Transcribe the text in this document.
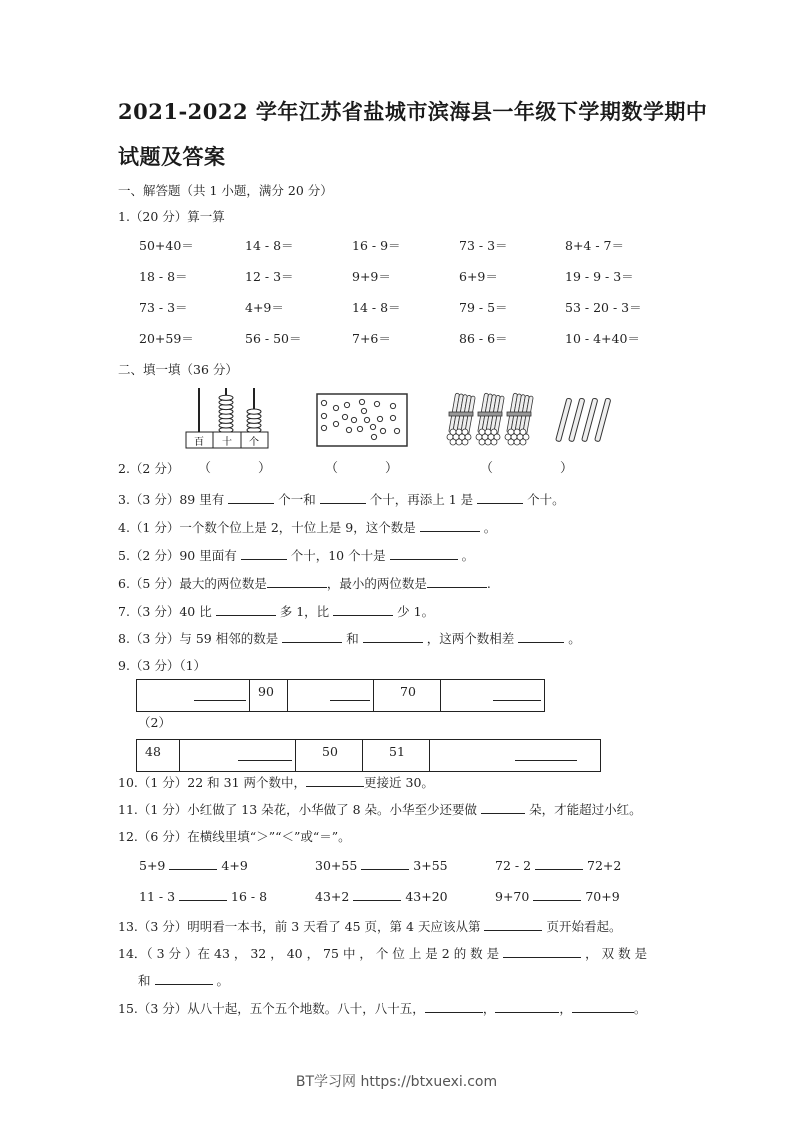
2021-2022 学年江苏省盐城市滨海县一年级下学期数学期中
试题及答案
一、解答题（共 1 小题，满分 20 分）
1.（20 分）算一算
50+40＝	14 - 8＝	16 - 9＝	73 - 3＝	8+4 - 7＝
18 - 8＝	12 - 3＝	9+9＝	6+9＝	19 - 9 - 3＝
73 - 3＝	4+9＝	14 - 8＝	79 - 5＝	53 - 20 - 3＝
20+59＝	56 - 50＝	7+6＝	86 - 6＝	10 - 4+40＝
二、填一填（36 分）
百 十 个
2.（2 分） （	）	（	）	（	）
3.（3 分）89 里有	个一和	个十，再添上 1 是	个十。
4.（1 分）一个数个位上是 2，十位上是 9，这个数是	。
5.（2 分）90 里面有	个十，10 个十是	。
6.（5 分）最大的两位数是	，最小的两位数是	.
7.（3 分）40 比	多 1，比	少 1。
8.（3 分）与 59 相邻的数是	和	，这两个数相差	。
9.（3 分）（1）
	90		70	
（2）
48		50	51	
10.（1 分）22 和 31 两个数中，	更接近 30。
11.（1 分）小红做了 13 朵花，小华做了 8 朵。小华至少还要做	朵，才能超过小红。
12.（6 分）在横线里填“＞”“＜”或“＝”。
5+9	4+9	30+55	3+55	72 - 2	72+2
11 - 3	16 - 8	43+2	43+20	9+70	70+9
13.（3 分）明明看一本书，前 3 天看了 45 页，第 4 天应该从第	页开始看起。
14．（ 3 分 ）在 43 ， 32 ， 40 ， 75 中 ， 个 位 上 是 2 的 数 是	， 双 数 是
和	。
15.（3 分）从八十起，五个五个地数。八十，八十五，	，	，	。
BT学习网 https://btxuexi.com
